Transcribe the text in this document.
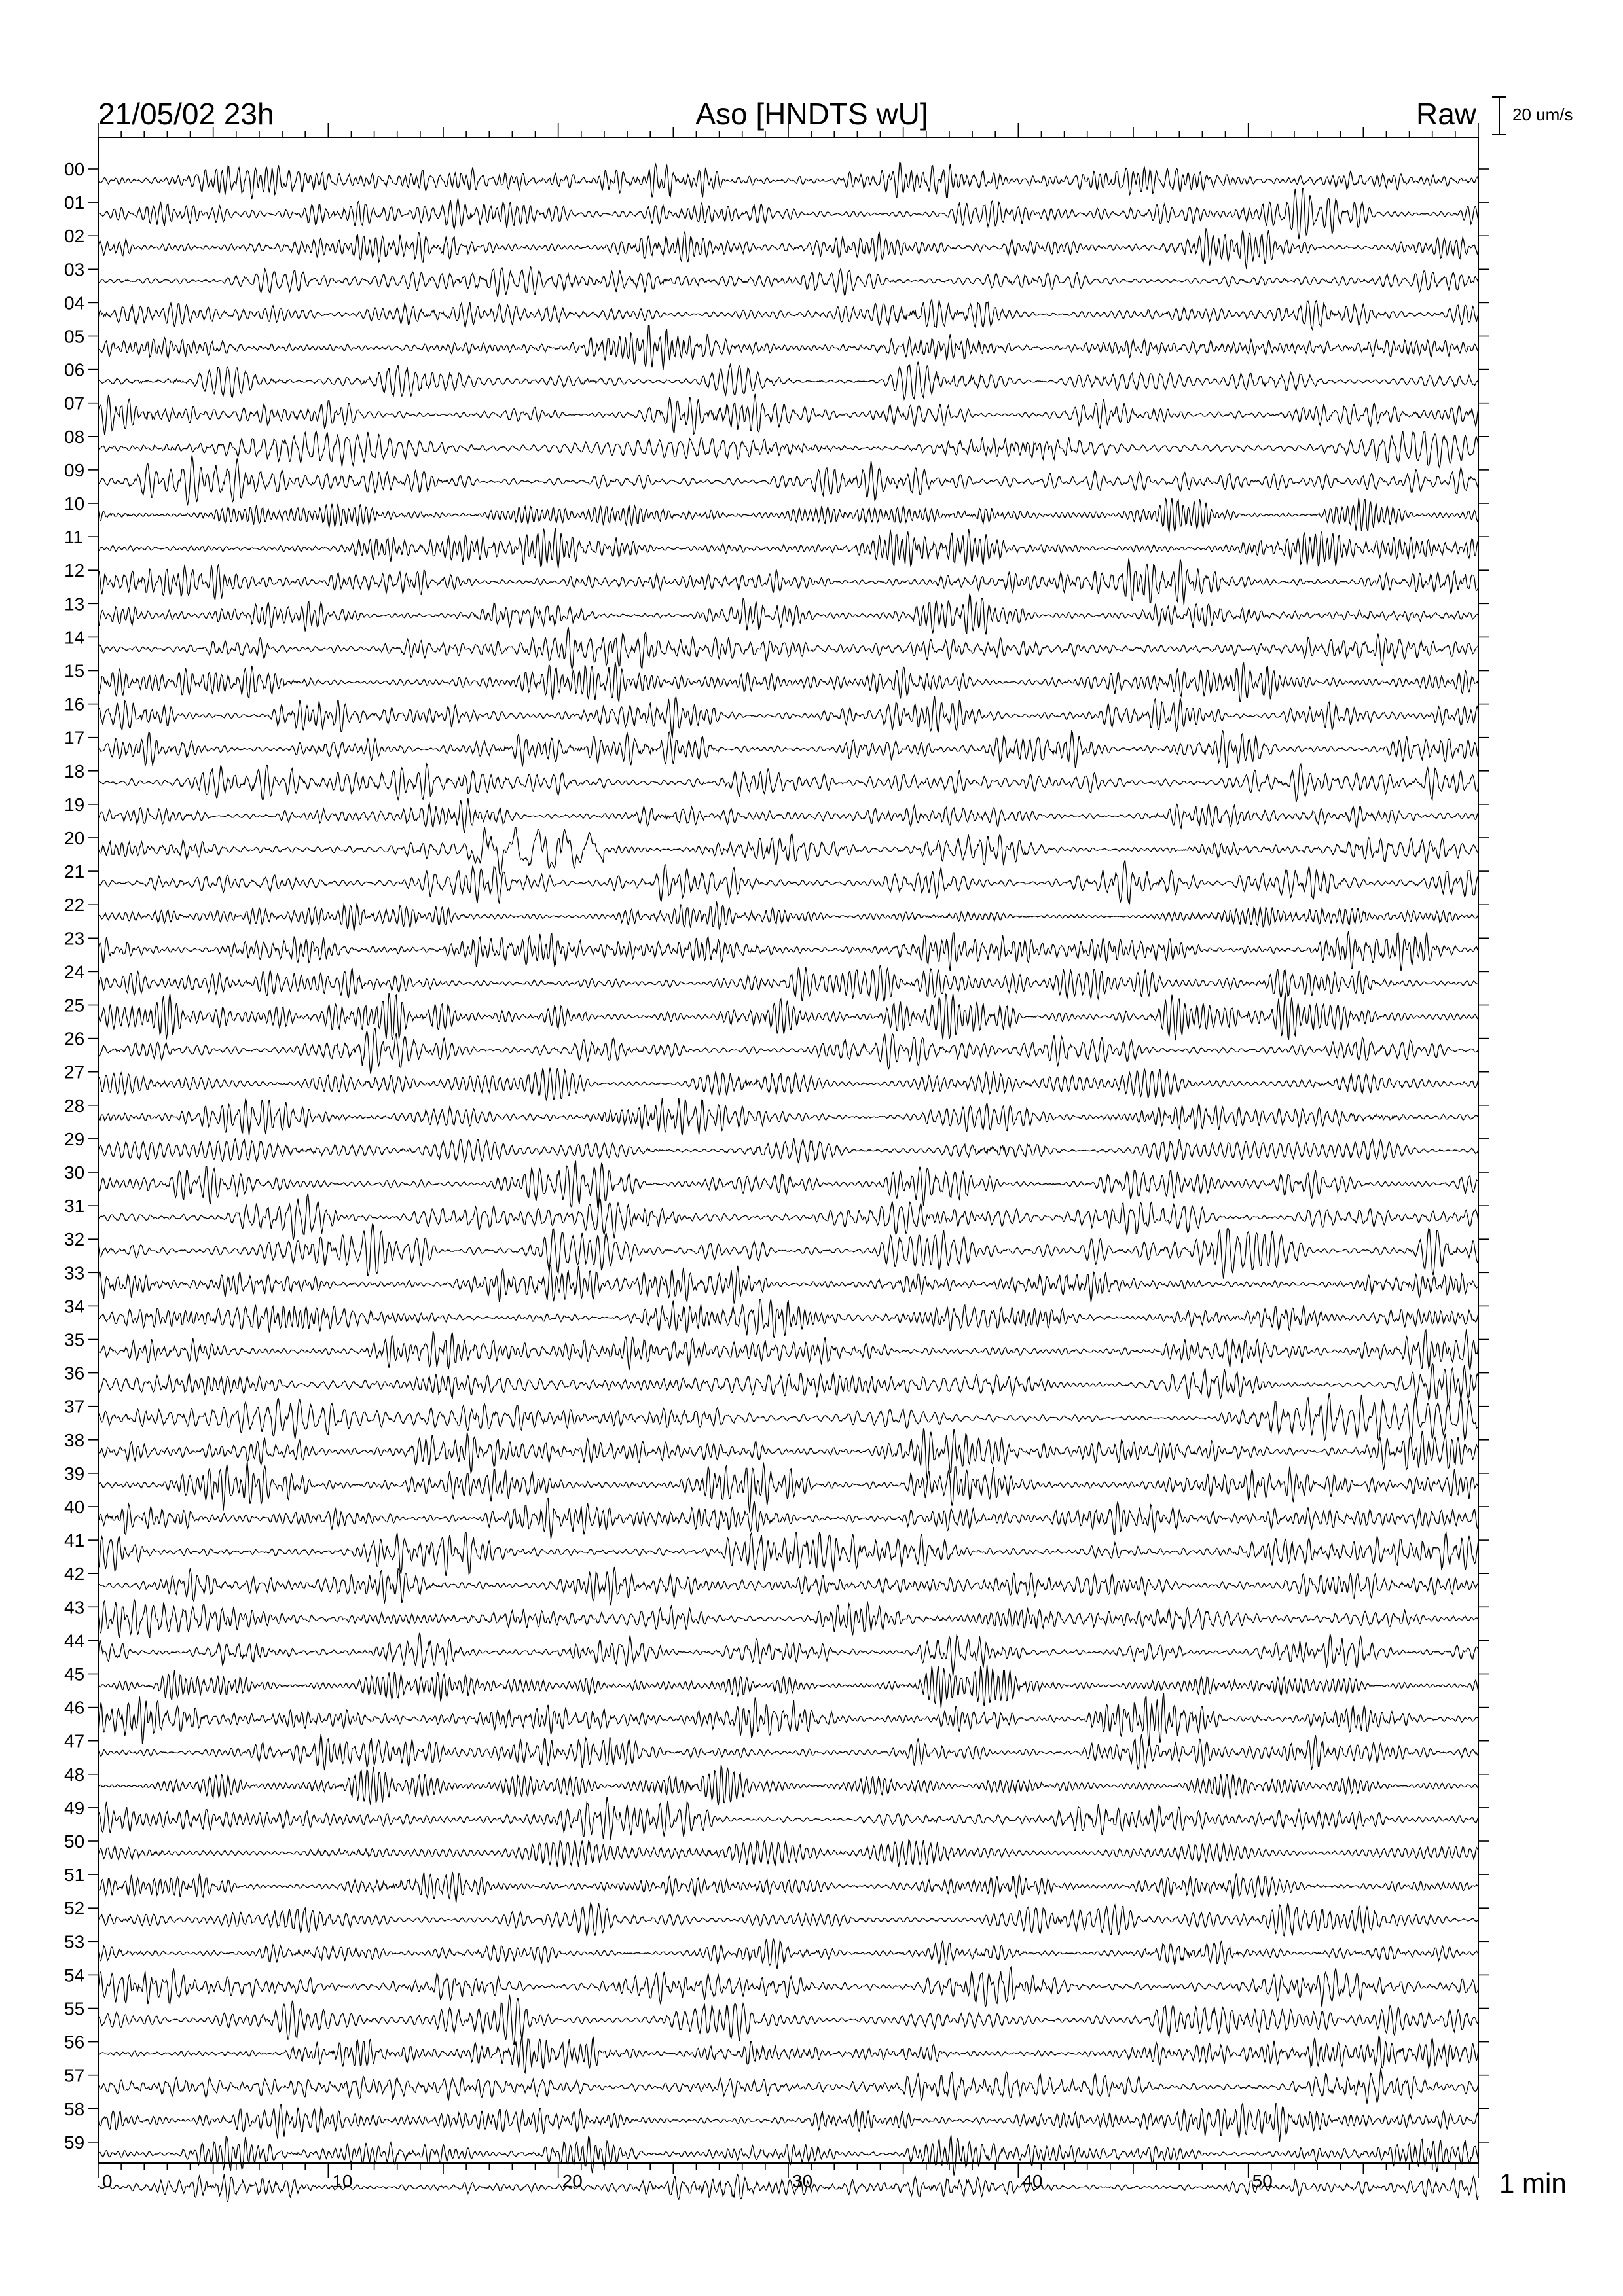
21/05/02 23h	Aso [HNDTS wU]	Raw 20 um/s
00
01
02
03
04
05
06
07
08
09
10
11
12
13
14
15
16
17
18
19
20
21
22
23
24
25
26
27
28
29
30
31
32
33
34
35
36
37
38
39
40
41
42
43
44
45
46
47
48
49
50
51
52
53
54
55
56
57
58
59
0	10	20	30	40	50	1 min
